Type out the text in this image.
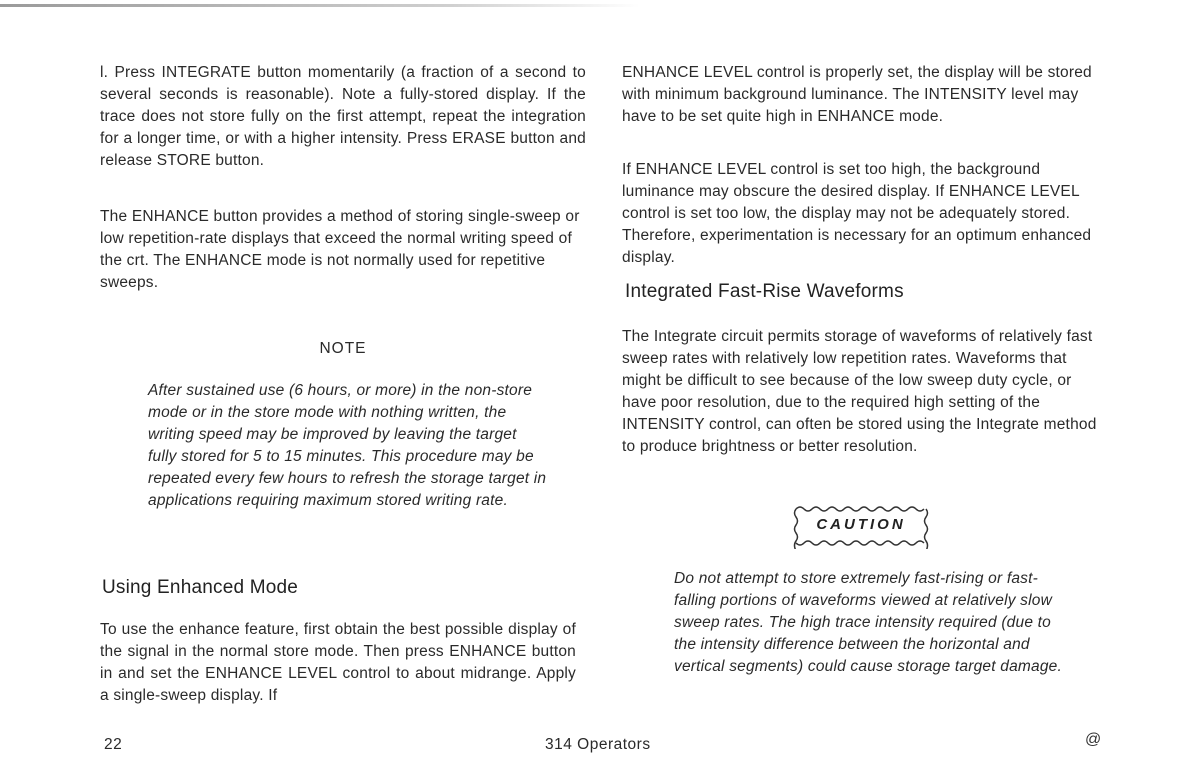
l. Press INTEGRATE button momentarily (a fraction of a second to several seconds is reasonable). Note a fully-stored display. If the trace does not store fully on the first attempt, repeat the integration for a longer time, or with a higher intensity. Press ERASE button and release STORE button.

The ENHANCE button provides a method of storing single-sweep or low repetition-rate displays that exceed the normal writing speed of the crt. The ENHANCE mode is not normally used for repetitive sweeps.

NOTE

After sustained use (6 hours, or more) in the non-store mode or in the store mode with nothing written, the writing speed may be improved by leaving the target fully stored for 5 to 15 minutes. This procedure may be repeated every few hours to refresh the storage target in applications requiring maximum stored writing rate.

Using Enhanced Mode

To use the enhance feature, first obtain the best possible display of the signal in the normal store mode. Then press ENHANCE button in and set the ENHANCE LEVEL control to about midrange. Apply a single-sweep display. If

ENHANCE LEVEL control is properly set, the display will be stored with minimum background luminance. The INTENSITY level may have to be set quite high in ENHANCE mode.

If ENHANCE LEVEL control is set too high, the background luminance may obscure the desired display. If ENHANCE LEVEL control is set too low, the display may not be adequately stored. Therefore, experimentation is necessary for an optimum enhanced display.

Integrated Fast-Rise Waveforms

The Integrate circuit permits storage of waveforms of relatively fast sweep rates with relatively low repetition rates. Waveforms that might be difficult to see because of the low sweep duty cycle, or have poor resolution, due to the required high setting of the INTENSITY control, can often be stored using the Integrate method to produce brightness or better resolution.

CAUTION

Do not attempt to store extremely fast-rising or fast-falling portions of waveforms viewed at relatively slow sweep rates. The high trace intensity required (due to the intensity difference between the horizontal and vertical segments) could cause storage target damage.

22	314 Operators	@
